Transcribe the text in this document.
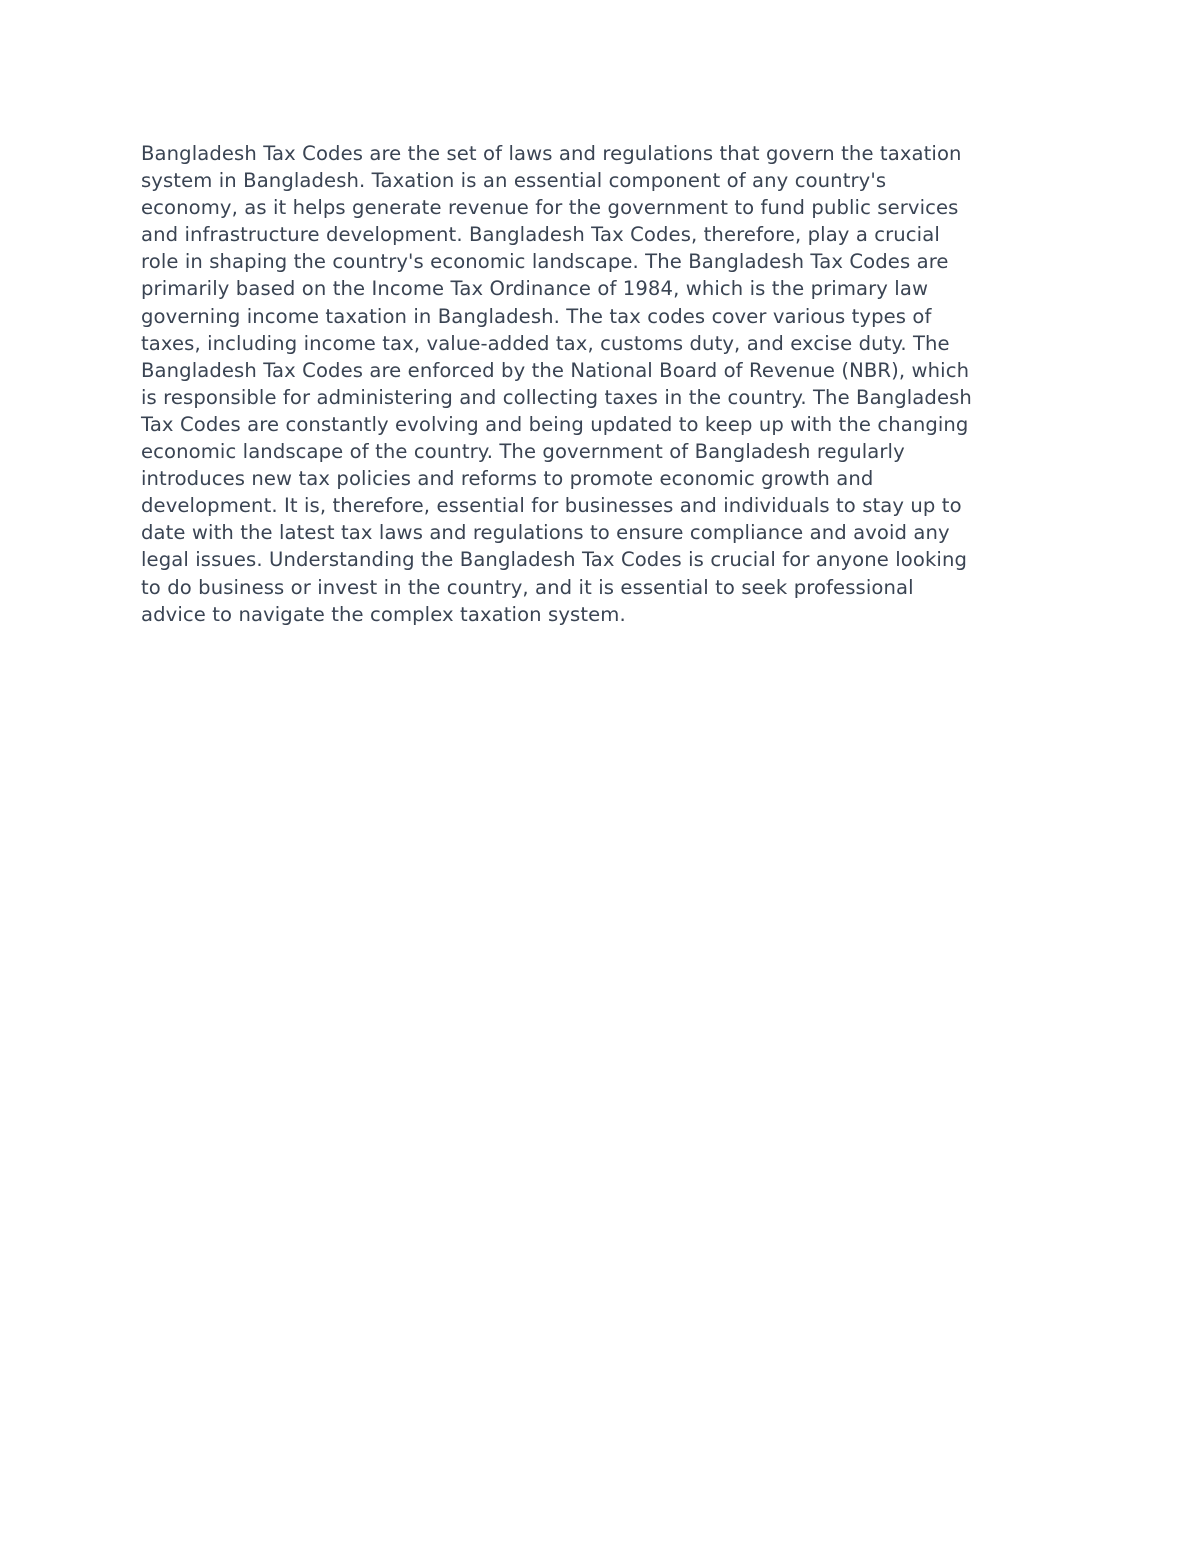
Bangladesh Tax Codes are the set of laws and regulations that govern the taxation
system in Bangladesh. Taxation is an essential component of any country's
economy, as it helps generate revenue for the government to fund public services
and infrastructure development. Bangladesh Tax Codes, therefore, play a crucial
role in shaping the country's economic landscape. The Bangladesh Tax Codes are
primarily based on the Income Tax Ordinance of 1984, which is the primary law
governing income taxation in Bangladesh. The tax codes cover various types of
taxes, including income tax, value-added tax, customs duty, and excise duty. The
Bangladesh Tax Codes are enforced by the National Board of Revenue (NBR), which
is responsible for administering and collecting taxes in the country. The Bangladesh
Tax Codes are constantly evolving and being updated to keep up with the changing
economic landscape of the country. The government of Bangladesh regularly
introduces new tax policies and reforms to promote economic growth and
development. It is, therefore, essential for businesses and individuals to stay up to
date with the latest tax laws and regulations to ensure compliance and avoid any
legal issues. Understanding the Bangladesh Tax Codes is crucial for anyone looking
to do business or invest in the country, and it is essential to seek professional
advice to navigate the complex taxation system.
